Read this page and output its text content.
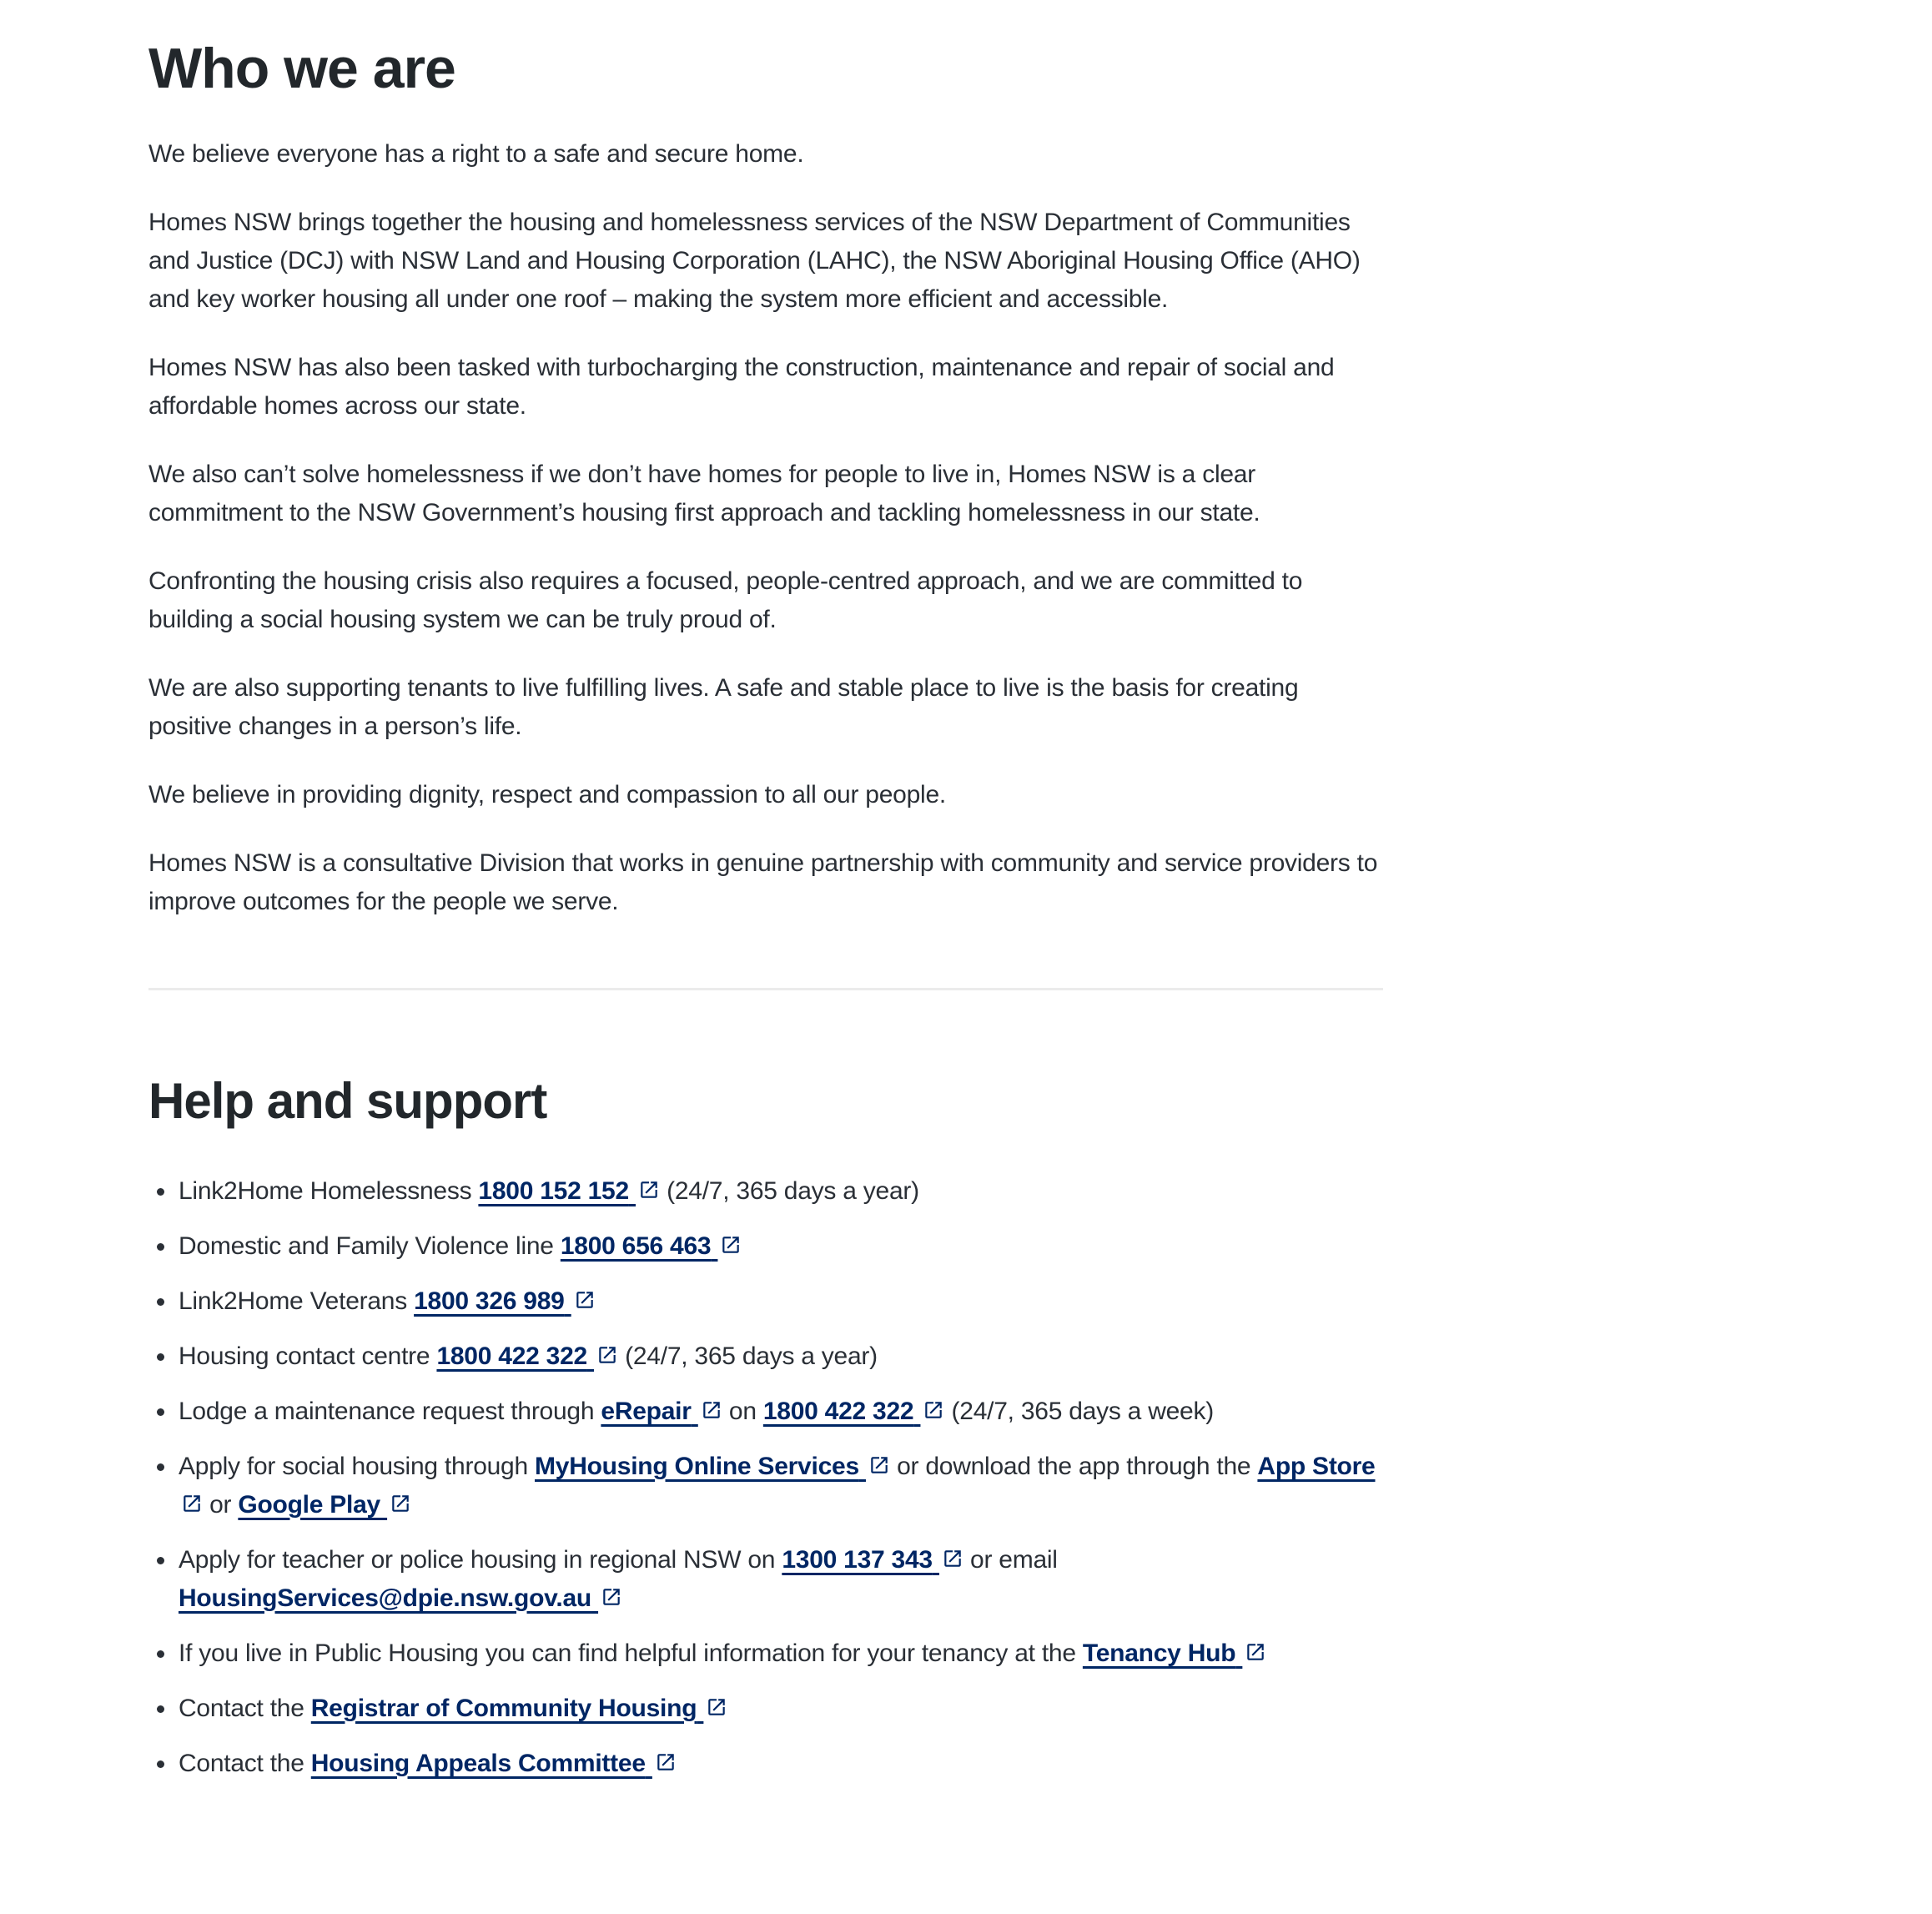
Who we are

We believe everyone has a right to a safe and secure home.

Homes NSW brings together the housing and homelessness services of the NSW Department of Communities and Justice (DCJ) with NSW Land and Housing Corporation (LAHC), the NSW Aboriginal Housing Office (AHO) and key worker housing all under one roof – making the system more efficient and accessible.

Homes NSW has also been tasked with turbocharging the construction, maintenance and repair of social and affordable homes across our state.

We also can’t solve homelessness if we don’t have homes for people to live in, Homes NSW is a clear commitment to the NSW Government’s housing first approach and tackling homelessness in our state.

Confronting the housing crisis also requires a focused, people-centred approach, and we are committed to building a social housing system we can be truly proud of.

We are also supporting tenants to live fulfilling lives. A safe and stable place to live is the basis for creating positive changes in a person’s life.

We believe in providing dignity, respect and compassion to all our people.

Homes NSW is a consultative Division that works in genuine partnership with community and service providers to improve outcomes for the people we serve.

Help and support
• Link2Home Homelessness 1800 152 152
(24/7, 365 days a year)
• Domestic and Family Violence line 1800 656 463
• Link2Home Veterans 1800 326 989
• Housing contact centre 1800 422 322
(24/7, 365 days a year)
• Lodge a maintenance request through eRepair
on 1800 422 322
(24/7, 365 days a week)
• Apply for social housing through MyHousing Online Services
or download the app through the App Store
or Google Play
• Apply for teacher or police housing in regional NSW on 1300 137 343
or email HousingServices@dpie.nsw.gov.au
• If you live in Public Housing you can find helpful information for your tenancy at the Tenancy Hub
• Contact the Registrar of Community Housing
• Contact the Housing Appeals Committee
